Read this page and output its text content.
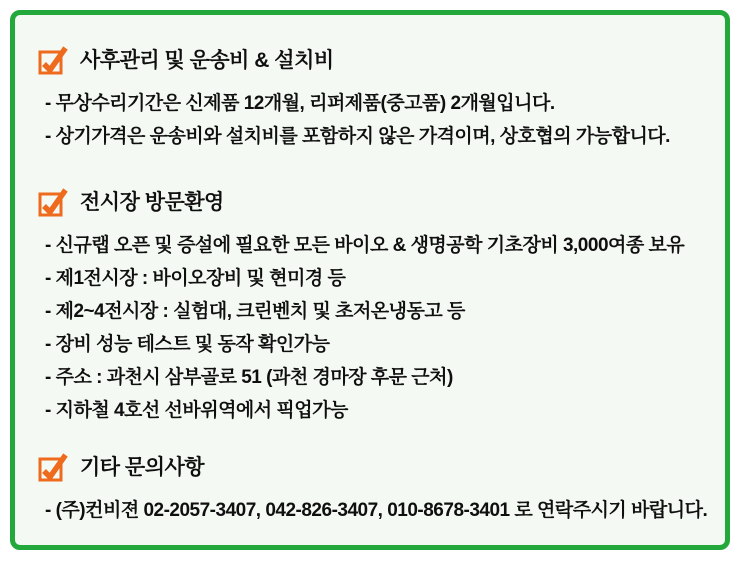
사후관리 및 운송비 & 설치비

- 무상수리기간은 신제품 12개월, 리퍼제품(중고품) 2개월입니다.

- 상기가격은 운송비와 설치비를 포함하지 않은 가격이며, 상호협의 가능합니다.

전시장 방문환영

- 신규랩 오픈 및 증설에 필요한 모든 바이오 & 생명공학 기초장비 3,000여종 보유

- 제1전시장 : 바이오장비 및 현미경 등

- 제2~4전시장 : 실험대, 크린벤치 및 초저온냉동고 등

- 장비 성능 테스트 및 동작 확인가능

- 주소 : 과천시 삼부골로 51 (과천 경마장 후문 근처)

- 지하철 4호선 선바위역에서 픽업가능

기타 문의사항

- (주)컨비젼 02-2057-3407, 042-826-3407, 010-8678-3401 로 연락주시기 바랍니다.
